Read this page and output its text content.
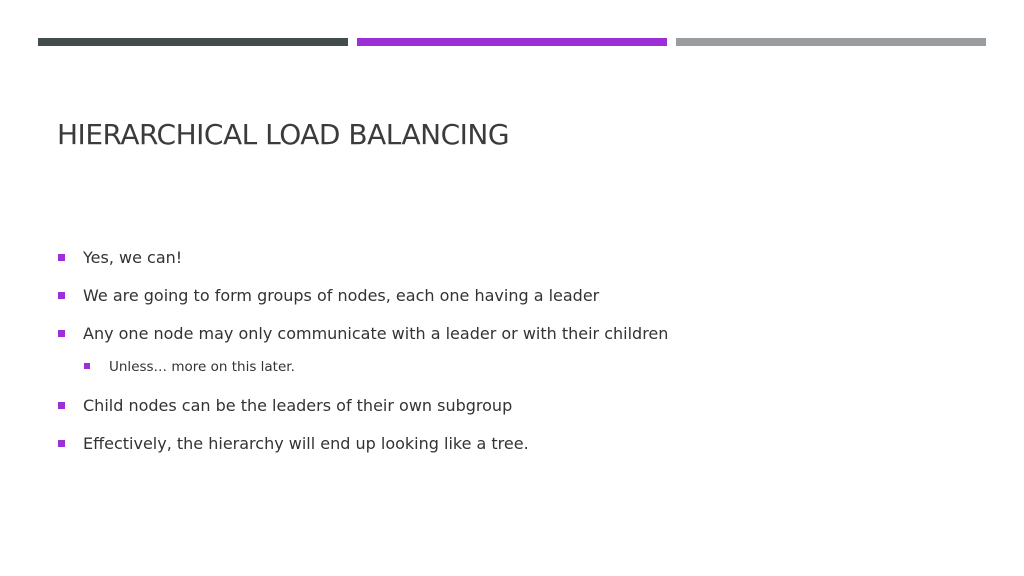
HIERARCHICAL LOAD BALANCING
Yes, we can!
We are going to form groups of nodes, each one having a leader
Any one node may only communicate with a leader or with their children
Unless… more on this later.
Child nodes can be the leaders of their own subgroup
Effectively, the hierarchy will end up looking like a tree.
